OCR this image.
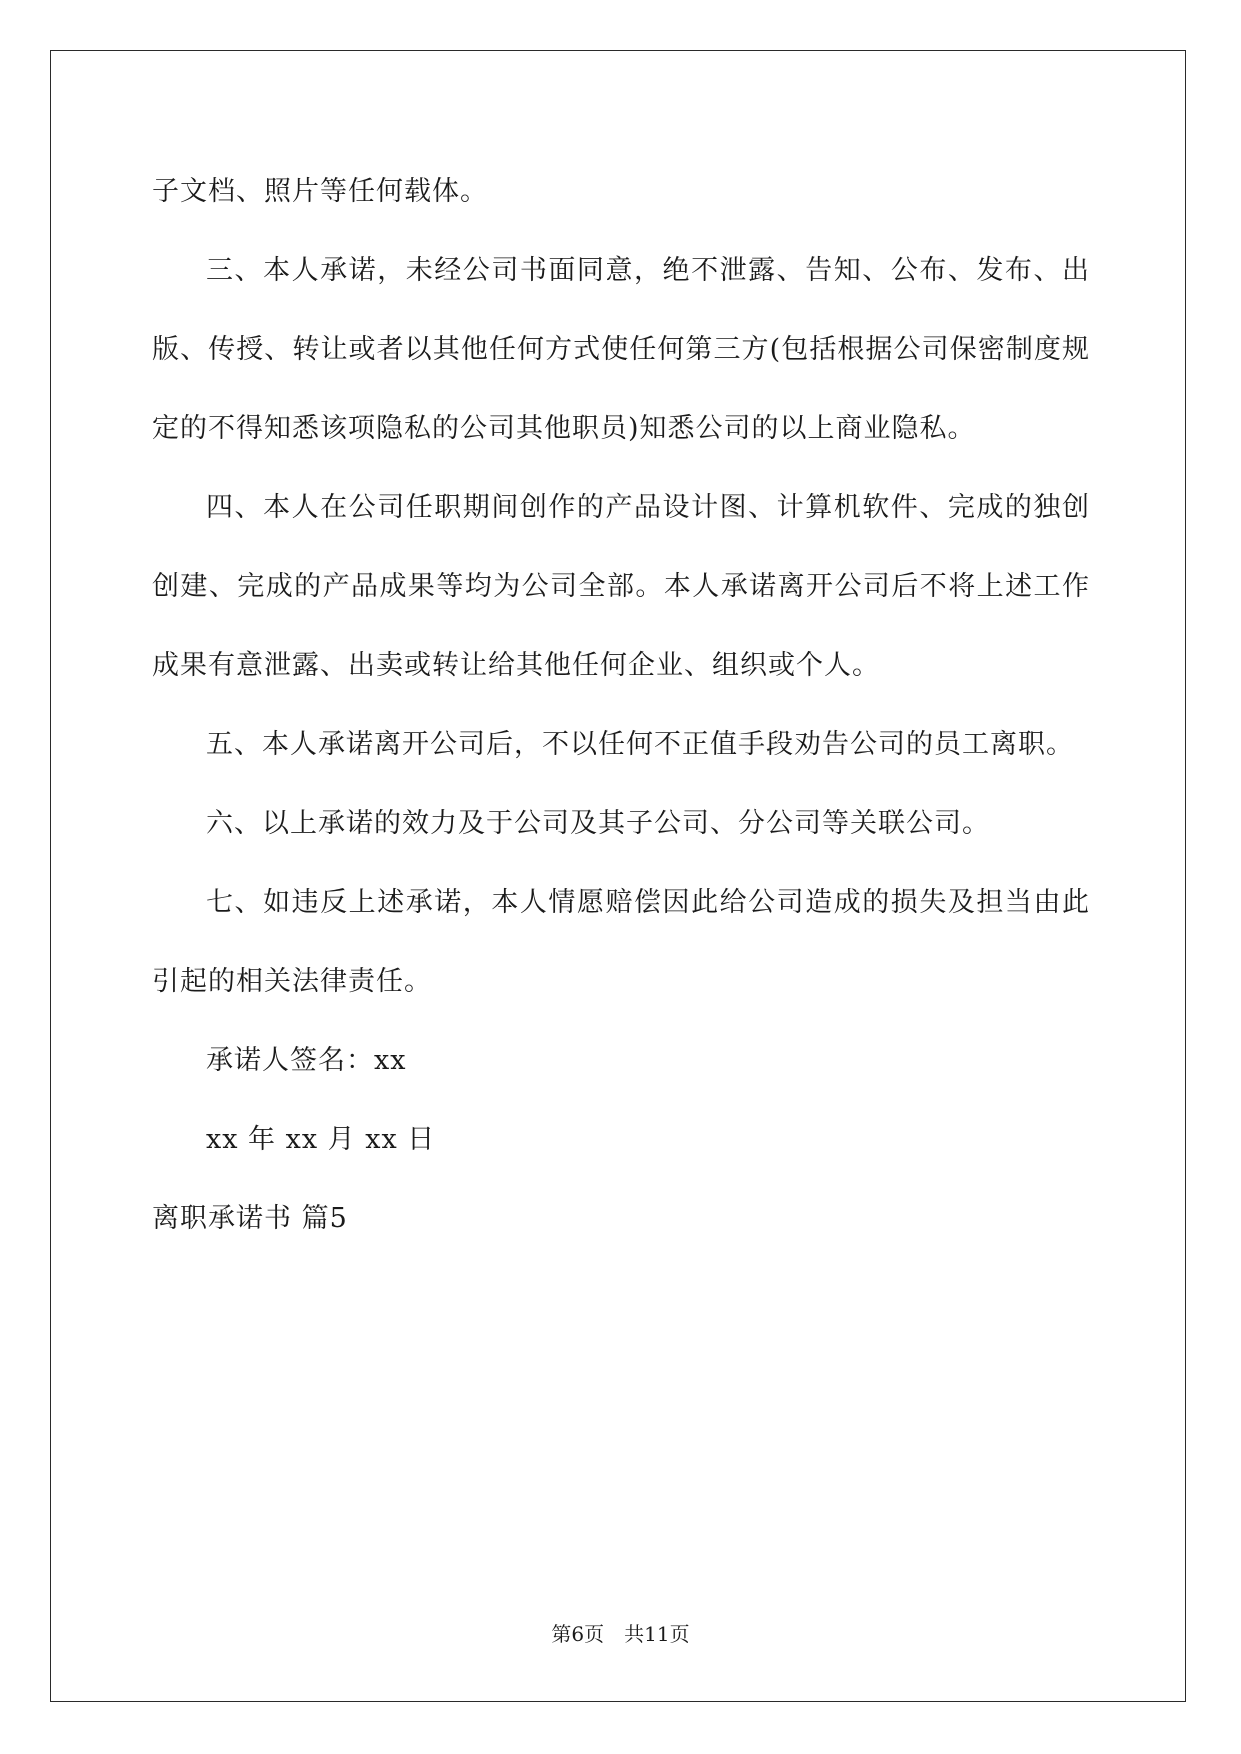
子文档、照片等任何载体。

三、本人承诺，未经公司书面同意，绝不泄露、告知、公布、发布、出版、传授、转让或者以其他任何方式使任何第三方(包括根据公司保密制度规定的不得知悉该项隐私的公司其他职员)知悉公司的以上商业隐私。

四、本人在公司任职期间创作的产品设计图、计算机软件、完成的独创创建、完成的产品成果等均为公司全部。本人承诺离开公司后不将上述工作成果有意泄露、出卖或转让给其他任何企业、组织或个人。

五、本人承诺离开公司后，不以任何不正值手段劝告公司的员工离职。

六、以上承诺的效力及于公司及其子公司、分公司等关联公司。

七、如违反上述承诺，本人情愿赔偿因此给公司造成的损失及担当由此引起的相关法律责任。

承诺人签名：xx

xx 年 xx 月 xx 日

离职承诺书 篇5

第6页 共11页
